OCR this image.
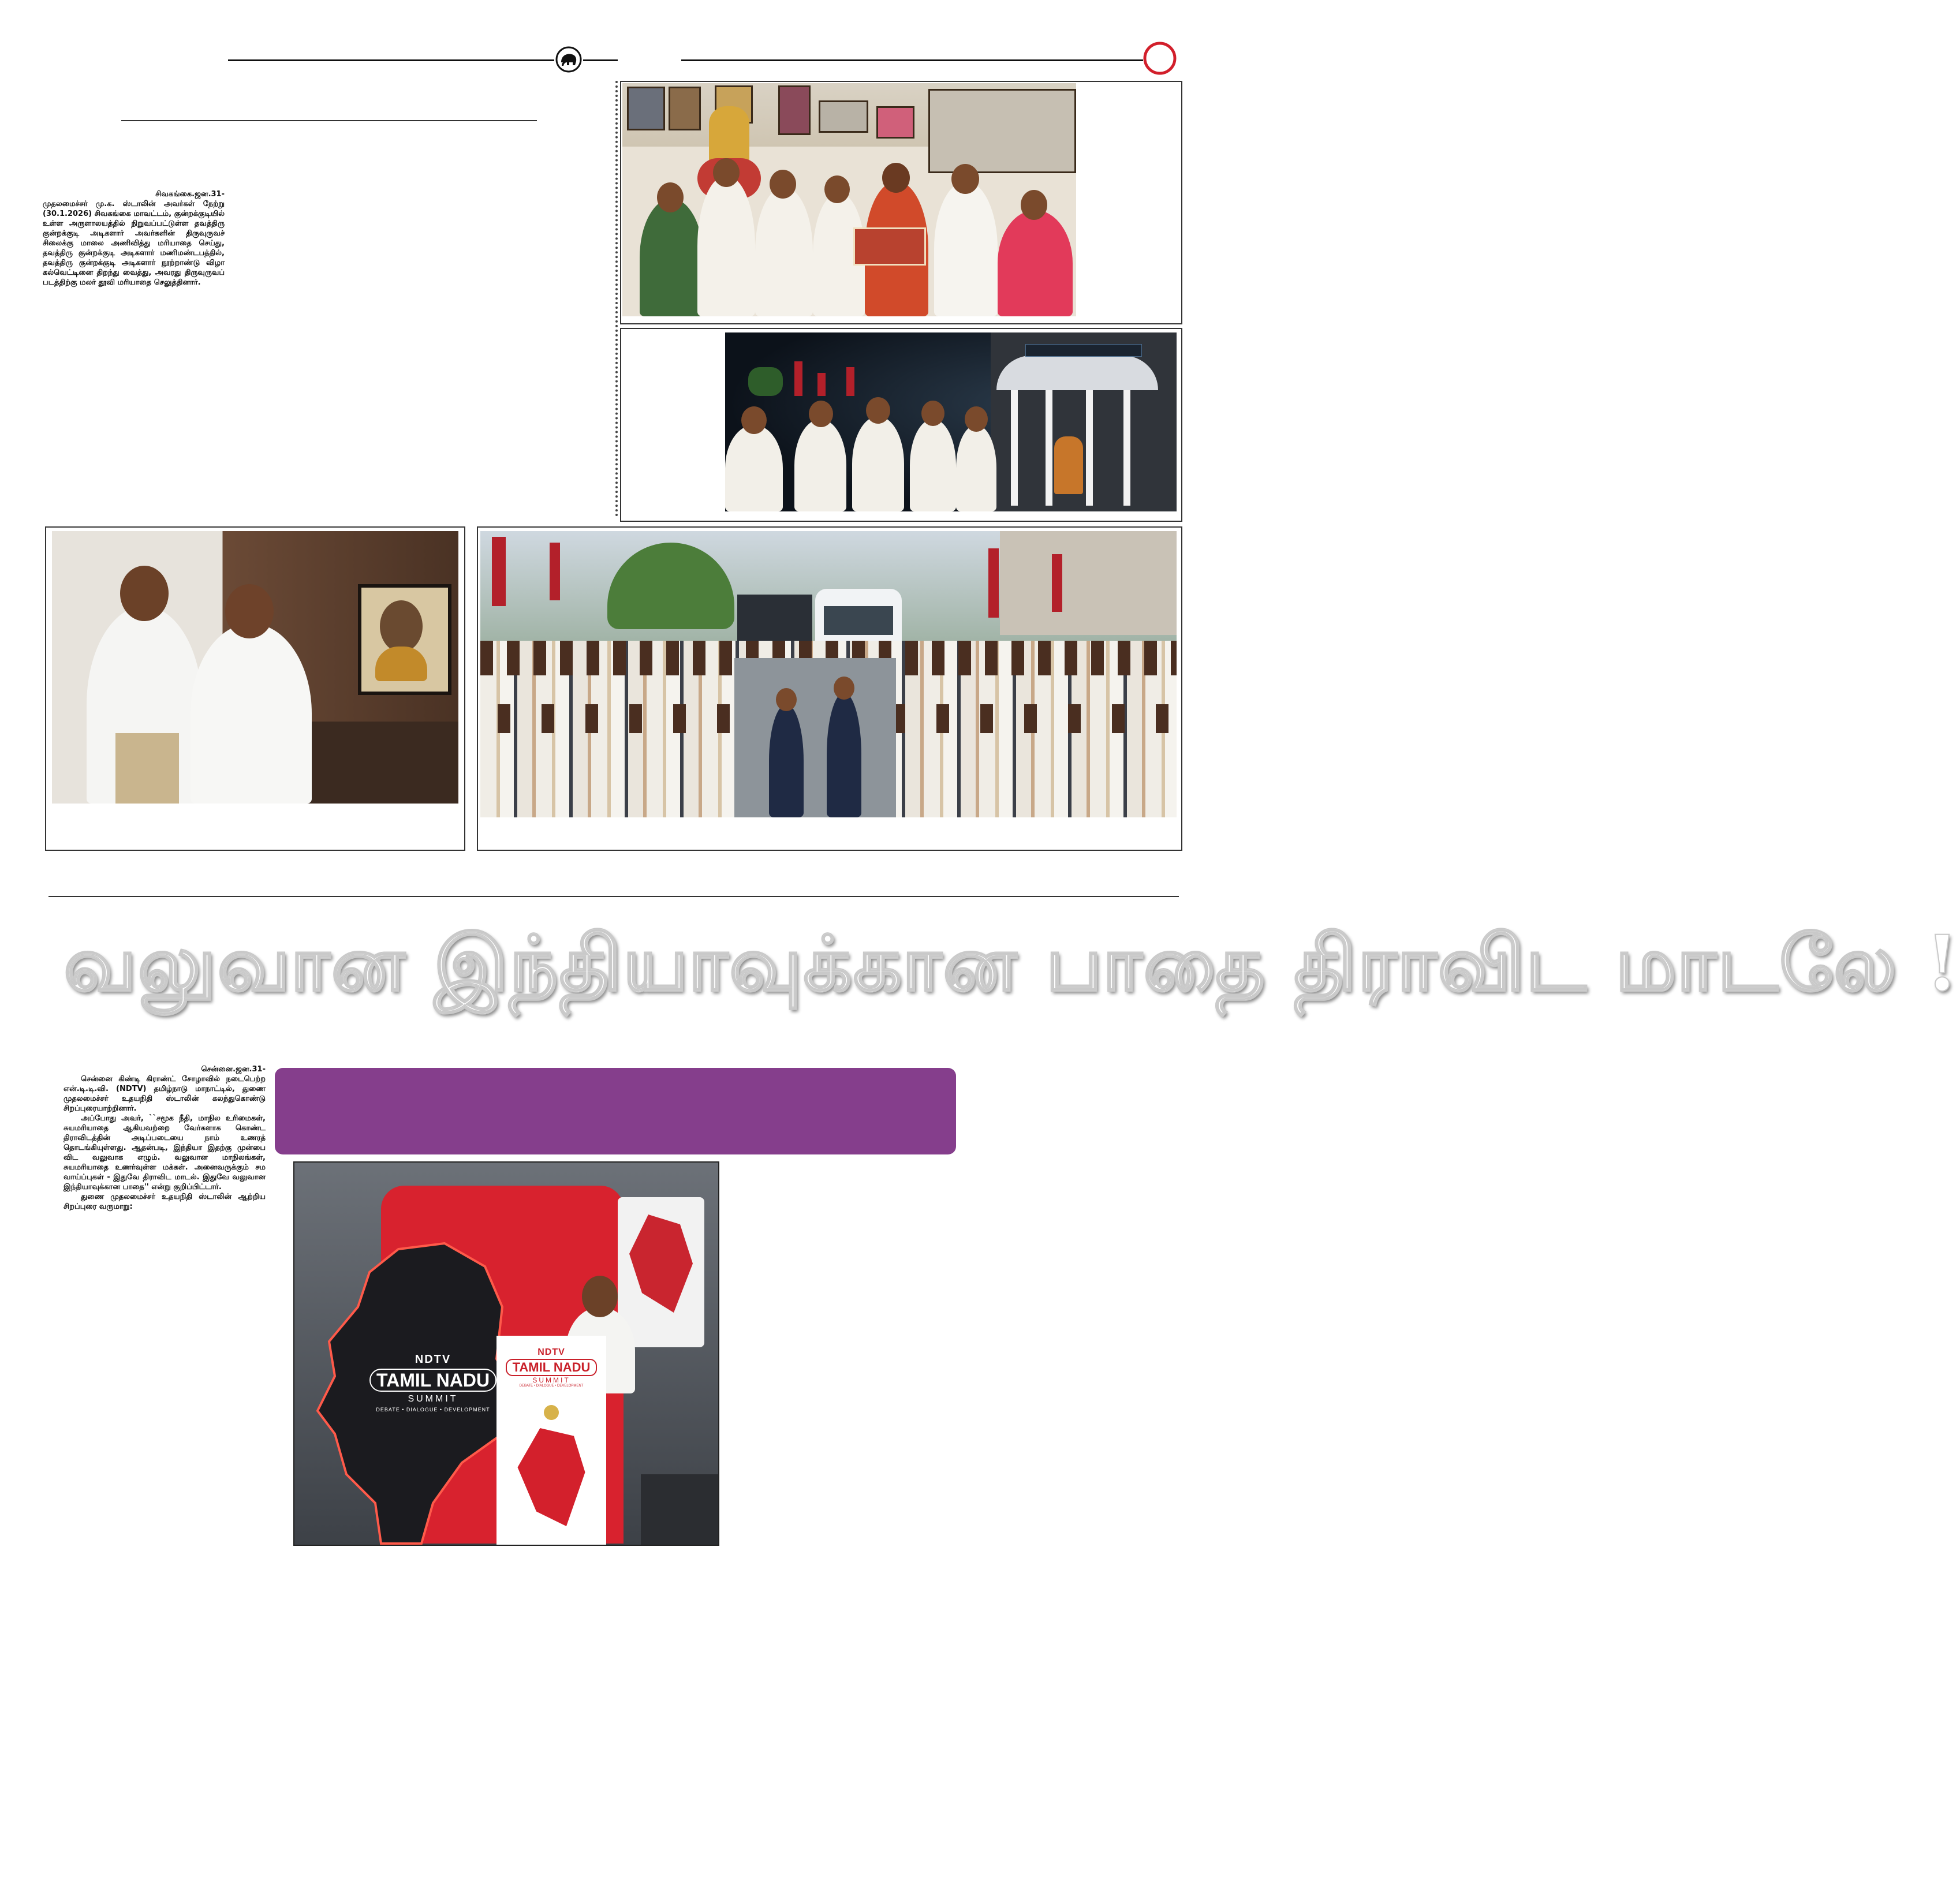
சிவகங்கை.ஜன.31-
முதலமைச்சர் மு.க. ஸ்டாலின் அவர்கள் நேற்று (30.1.2026) சிவகங்கை மாவட்டம், குன்றக்குடியில் உள்ள அருளாலயத்தில் நிறுவப்பட்டுள்ள தவத்திரு குன்றக்குடி அடிகளார் அவர்களின் திருவுருவச் சிலைக்கு மாலை அணிவித்து மரியாதை செய்து, தவத்திரு குன்றக்குடி அடிகளார் மணிமண்டபத்தில், தவத்திரு குன்றக்குடி அடிகளார் நூற்றாண்டு விழா கல்வெட்டினை திறந்து வைத்து, அவரது திருவுருவப் படத்திற்கு மலர் தூவி மரியாதை செலுத்தினார்.
வலுவான இந்தியாவுக்கான பாதை திராவிட மாடலே !
சென்னை.ஜன.31-
சென்னை கிண்டி கிராண்ட் சோழாவில் நடைபெற்ற என்.டி.டி.வி. (NDTV) தமிழ்நாடு மாநாட்டில், துணை முதலமைச்சர் உதயநிதி ஸ்டாலின் கலந்துகொண்டு சிறப்புரையாற்றினார்.
அப்போது அவர், ``சமூக நீதி, மாநில உரிமைகள், சுயமரியாதை ஆகியவற்றை வேர்களாக கொண்ட திராவிடத்தின் அடிப்படையை நாம் உணரத் தொடங்கியுள்ளது. ஆதன்படி, இந்தியா இதற்கு முன்பை விட வலுவாக எழும். வலுவான மாநிலங்கள், சுயமரியாதை உணர்வுள்ள மக்கள். அனைவருக்கும் சம வாய்ப்புகள் - இதுவே திராவிட மாடல். இதுவே வலுவான இந்தியாவுக்கான பாதை'' என்று குறிப்பிட்டார்.
துணை முதலமைச்சர் உதயநிதி ஸ்டாலின் ஆற்றிய சிறப்புரை வருமாறு:
NDTV
TAMIL NADU
SUMMIT
DEBATE • DIALOGUE • DEVELOPMENT
NDTV
TAMIL NADU
SUMMIT
DEBATE • DIALOGUE • DEVELOPMENT
